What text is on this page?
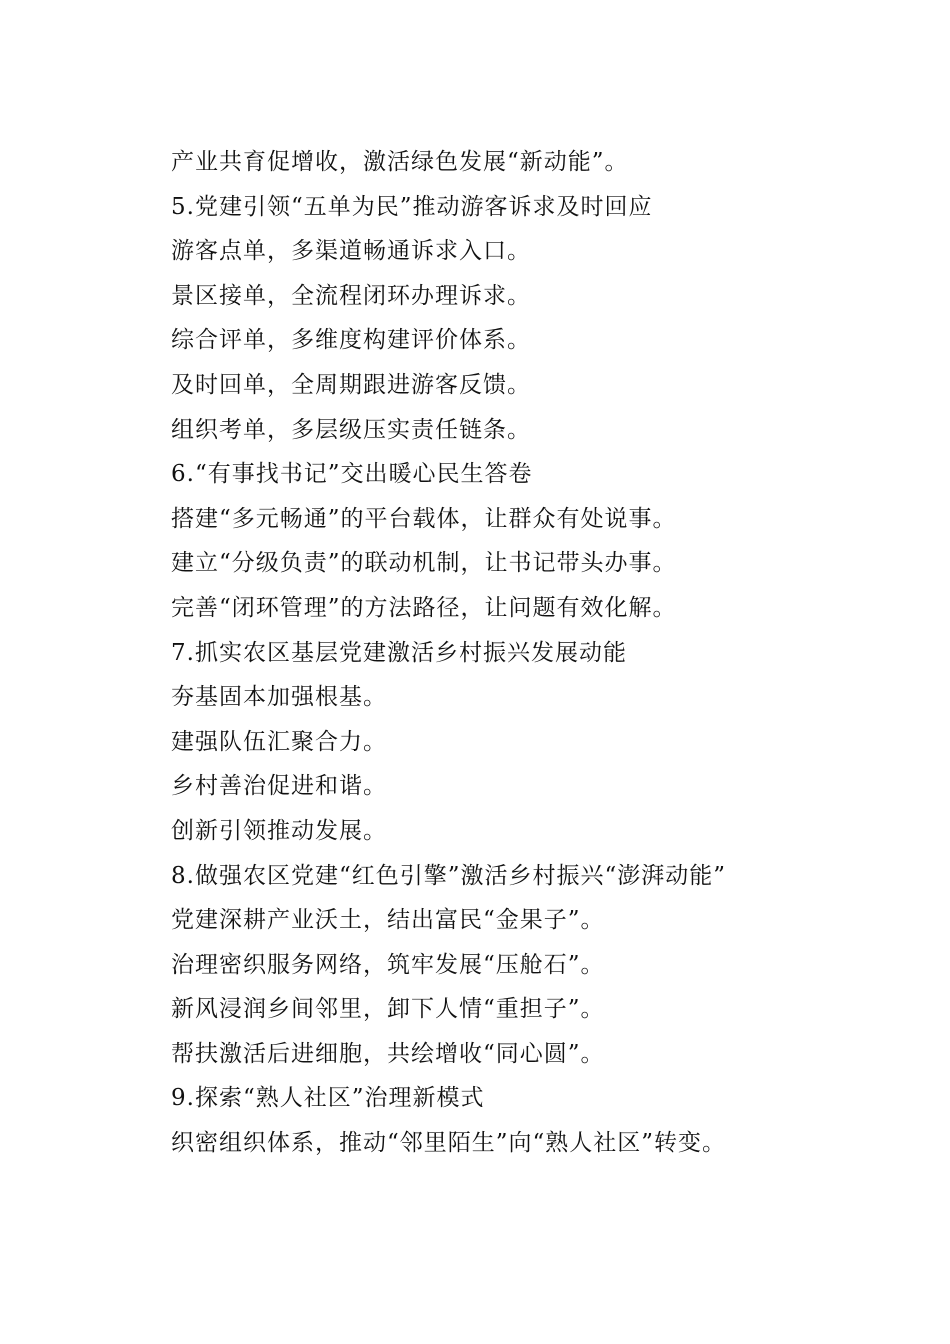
产业共育促增收，激活绿色发展“新动能”。

5.党建引领“五单为民”推动游客诉求及时回应

游客点单，多渠道畅通诉求入口。

景区接单，全流程闭环办理诉求。

综合评单，多维度构建评价体系。

及时回单，全周期跟进游客反馈。

组织考单，多层级压实责任链条。

6.“有事找书记”交出暖心民生答卷

搭建“多元畅通”的平台载体，让群众有处说事。

建立“分级负责”的联动机制，让书记带头办事。

完善“闭环管理”的方法路径，让问题有效化解。

7.抓实农区基层党建激活乡村振兴发展动能

夯基固本加强根基。

建强队伍汇聚合力。

乡村善治促进和谐。

创新引领推动发展。

8.做强农区党建“红色引擎”激活乡村振兴“澎湃动能”

党建深耕产业沃土，结出富民“金果子”。

治理密织服务网络，筑牢发展“压舱石”。

新风浸润乡间邻里，卸下人情“重担子”。

帮扶激活后进细胞，共绘增收“同心圆”。

9.探索“熟人社区”治理新模式

织密组织体系，推动“邻里陌生”向“熟人社区”转变。
